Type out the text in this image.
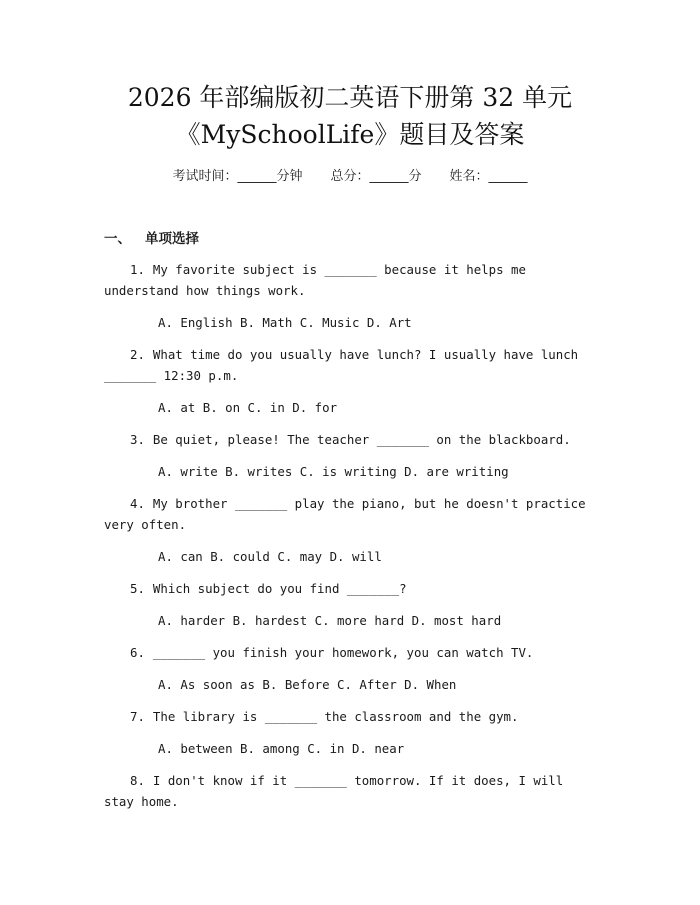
2026 年部编版初二英语下册第 32 单元
《MySchoolLife》题目及答案
考试时间：______分钟 总分：______分 姓名：______
一、 单项选择

1. My favorite subject is _______ because it helps me understand how things work.

A. English B. Math C. Music D. Art

2. What time do you usually have lunch? I usually have lunch _______ 12:30 p.m.

A. at B. on C. in D. for

3. Be quiet, please! The teacher _______ on the blackboard.

A. write B. writes C. is writing D. are writing

4. My brother _______ play the piano, but he doesn't practice very often.

A. can B. could C. may D. will

5. Which subject do you find _______?

A. harder B. hardest C. more hard D. most hard

6. _______ you finish your homework, you can watch TV.

A. As soon as B. Before C. After D. When

7. The library is _______ the classroom and the gym.

A. between B. among C. in D. near

8. I don't know if it _______ tomorrow. If it does, I will stay home.
